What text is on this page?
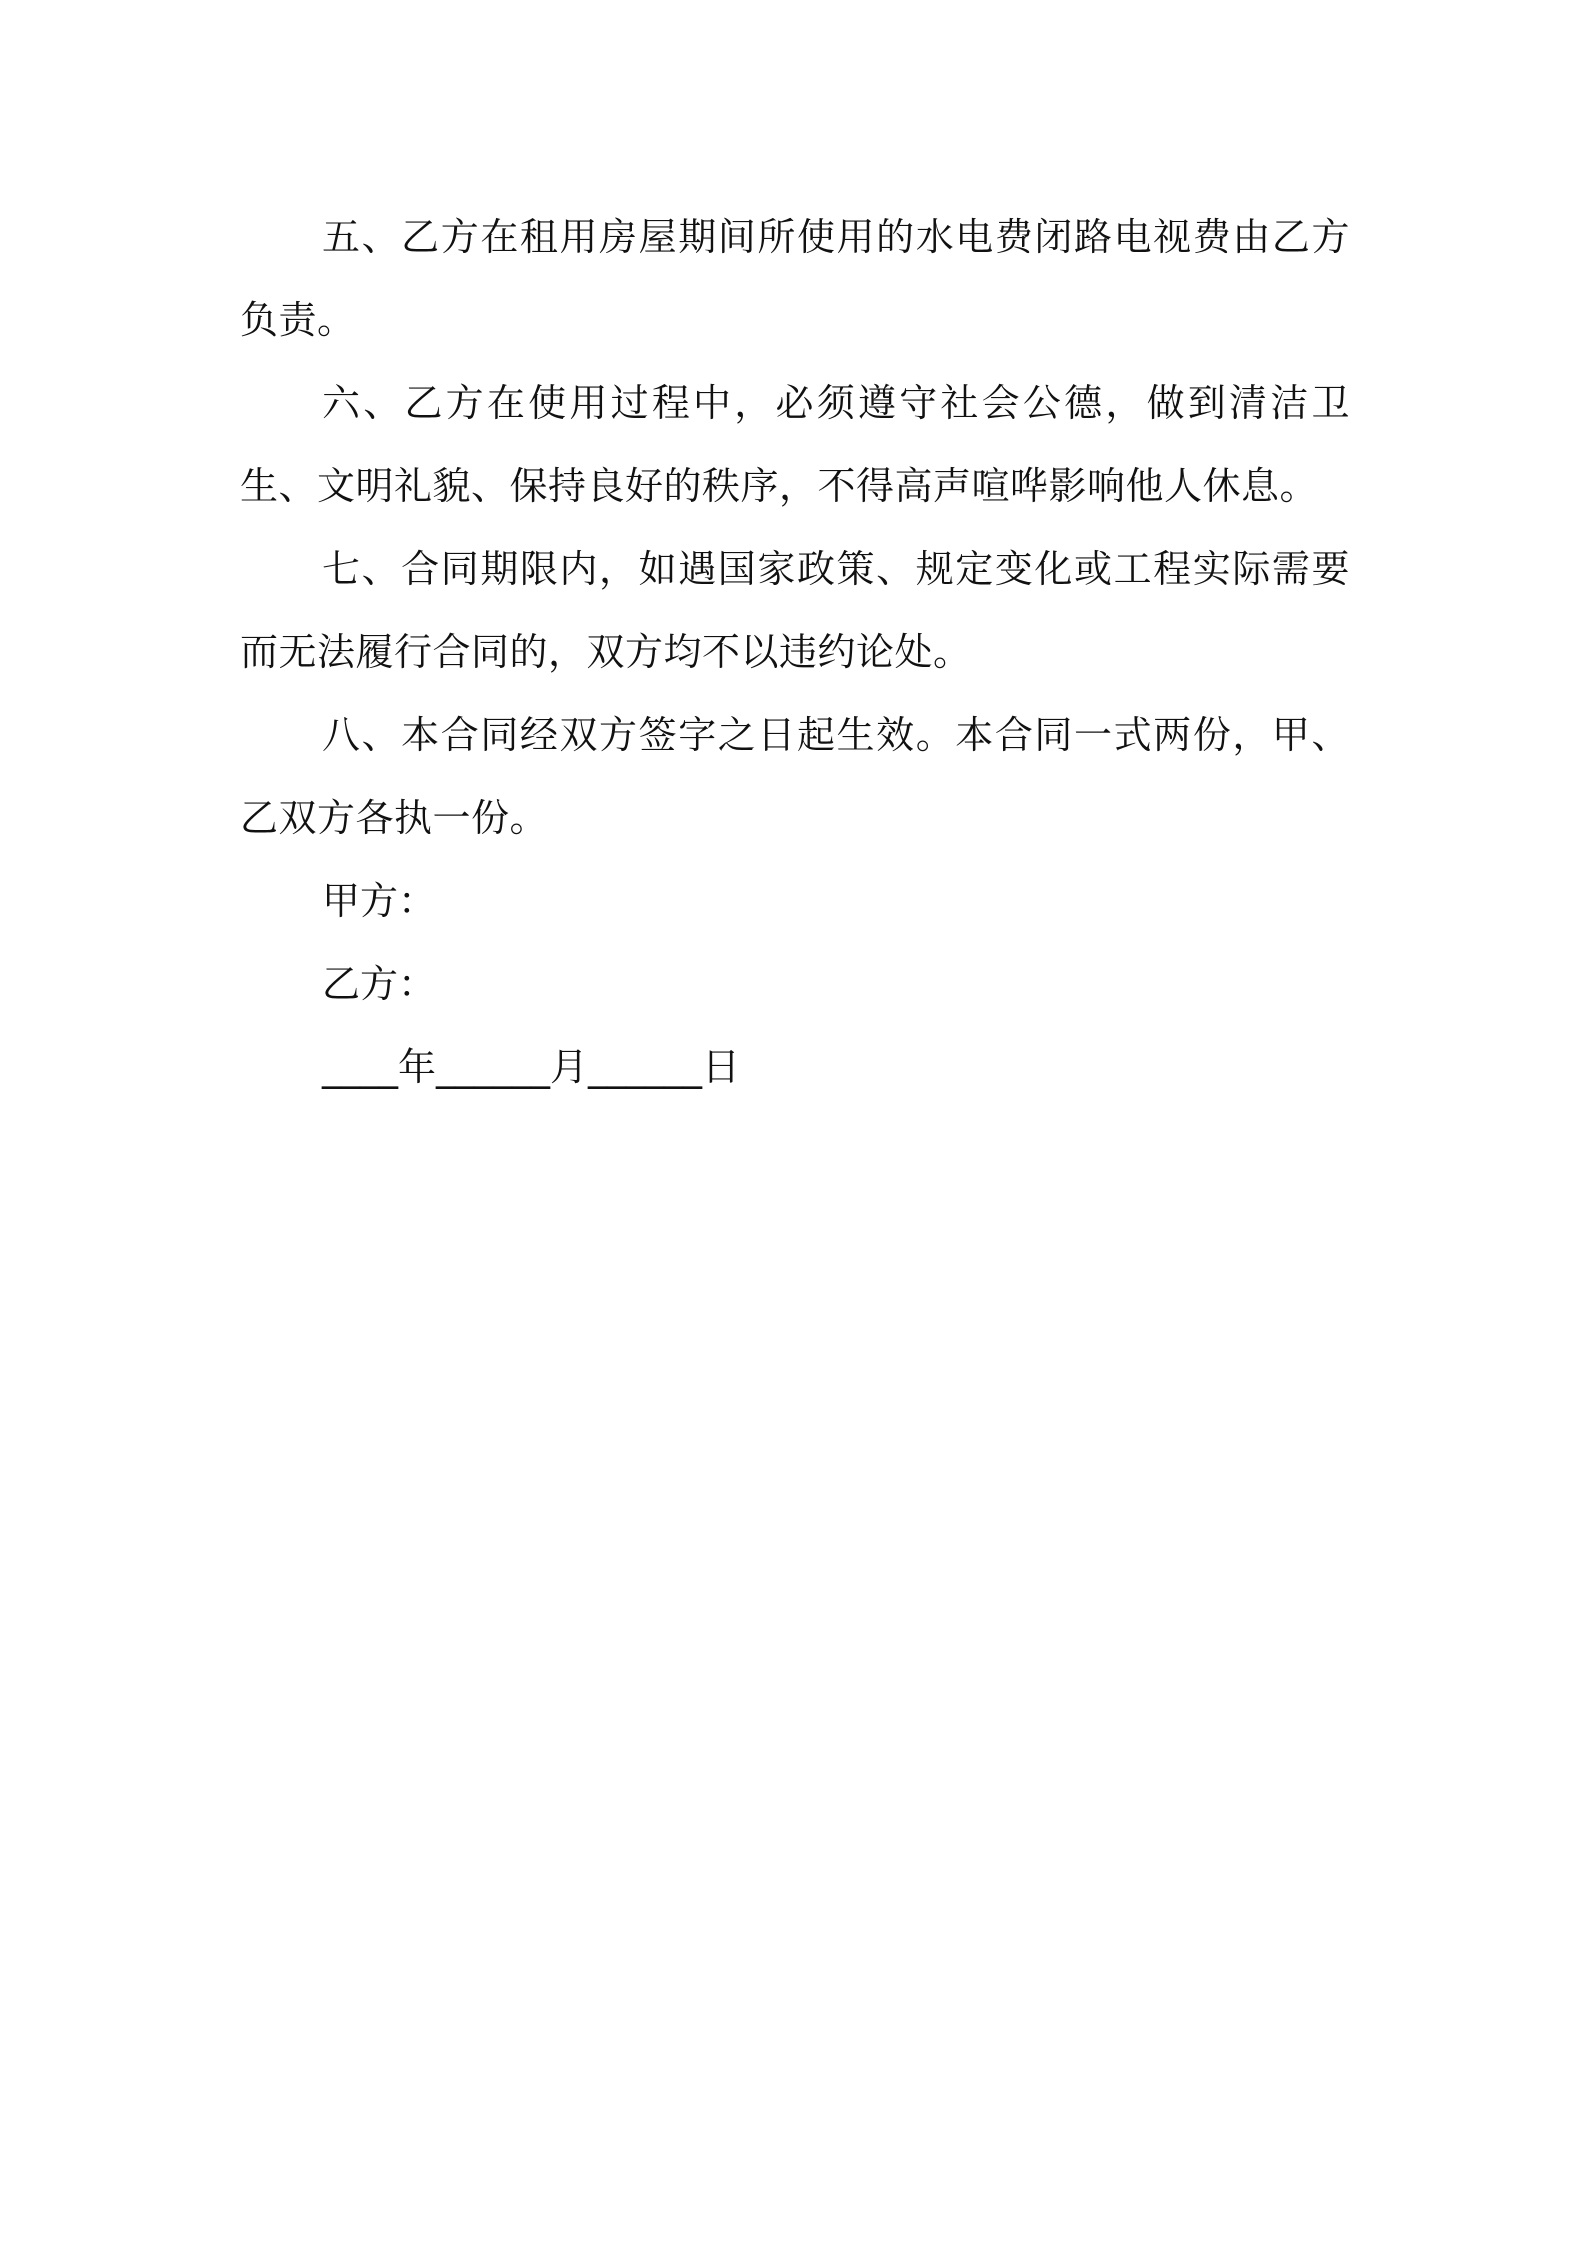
五、乙方在租用房屋期间所使用的水电费闭路电视费由乙方负责。

六、乙方在使用过程中，必须遵守社会公德，做到清洁卫生、文明礼貌、保持良好的秩序，不得高声喧哗影响他人休息。

七、合同期限内，如遇国家政策、规定变化或工程实际需要而无法履行合同的，双方均不以违约论处。

八、本合同经双方签字之日起生效。本合同一式两份，甲、乙双方各执一份。

甲方：

乙方：

____年______月______日
